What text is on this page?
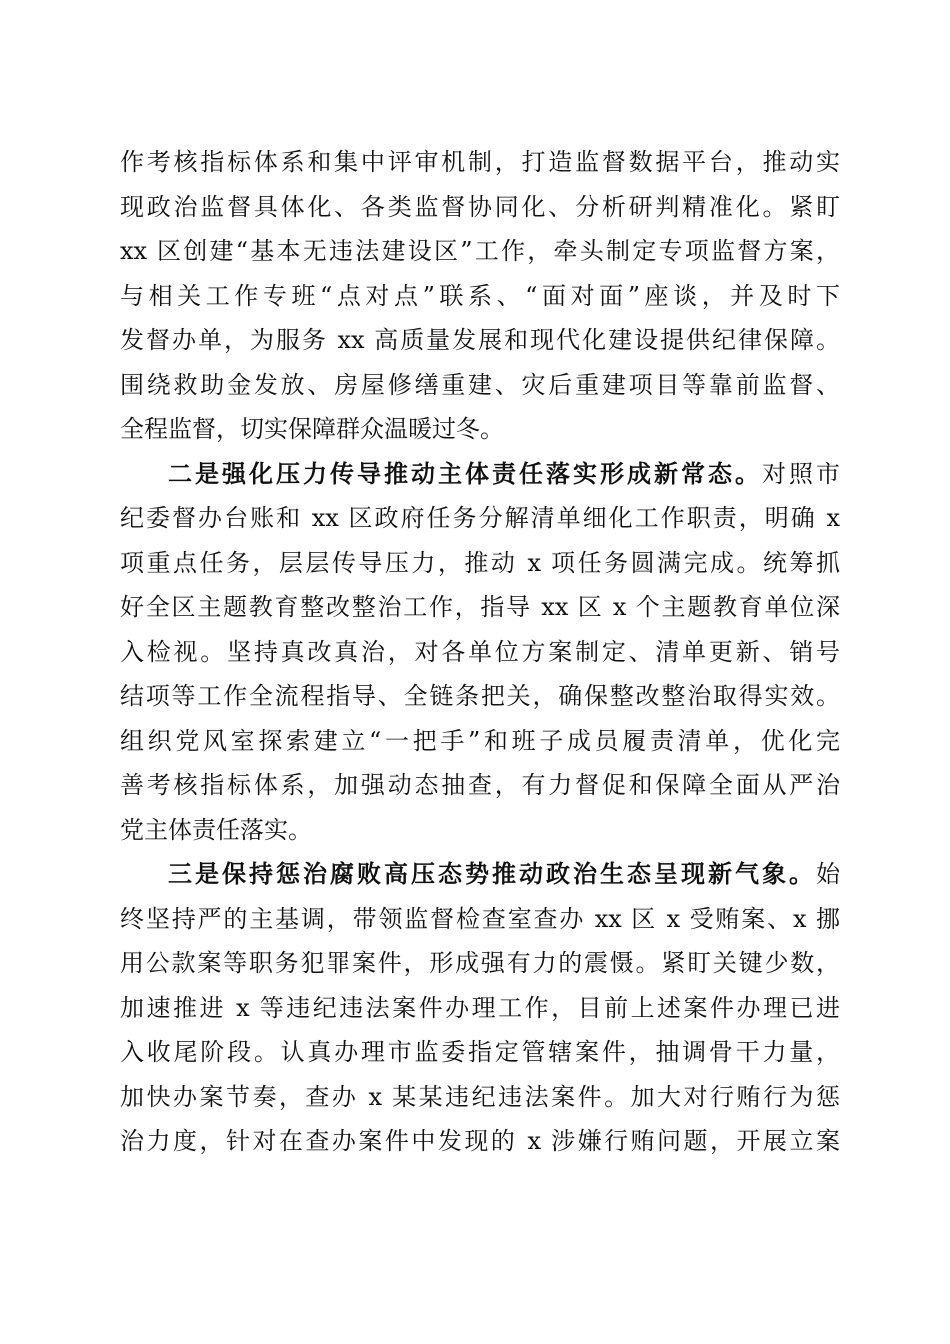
作考核指标体系和集中评审机制，打造监督数据平台，推动实
现政治监督具体化、各类监督协同化、分析研判精准化。紧盯
xx 区创建“基本无违法建设区”工作，牵头制定专项监督方案，
与相关工作专班“点对点”联系、“面对面”座谈，并及时下
发督办单，为服务 xx 高质量发展和现代化建设提供纪律保障。
围绕救助金发放、房屋修缮重建、灾后重建项目等靠前监督、
全程监督，切实保障群众温暖过冬。
二是强化压力传导推动主体责任落实形成新常态。对照市
纪委督办台账和 xx 区政府任务分解清单细化工作职责，明确 x
项重点任务，层层传导压力，推动 x 项任务圆满完成。统筹抓
好全区主题教育整改整治工作，指导 xx 区 x 个主题教育单位深
入检视。坚持真改真治，对各单位方案制定、清单更新、销号
结项等工作全流程指导、全链条把关，确保整改整治取得实效。
组织党风室探索建立“一把手”和班子成员履责清单，优化完
善考核指标体系，加强动态抽查，有力督促和保障全面从严治
党主体责任落实。
三是保持惩治腐败高压态势推动政治生态呈现新气象。始
终坚持严的主基调，带领监督检查室查办 xx 区 x 受贿案、x 挪
用公款案等职务犯罪案件，形成强有力的震慑。紧盯关键少数，
加速推进 x 等违纪违法案件办理工作，目前上述案件办理已进
入收尾阶段。认真办理市监委指定管辖案件，抽调骨干力量，
加快办案节奏，查办 x 某某违纪违法案件。加大对行贿行为惩
治力度，针对在查办案件中发现的 x 涉嫌行贿问题，开展立案
